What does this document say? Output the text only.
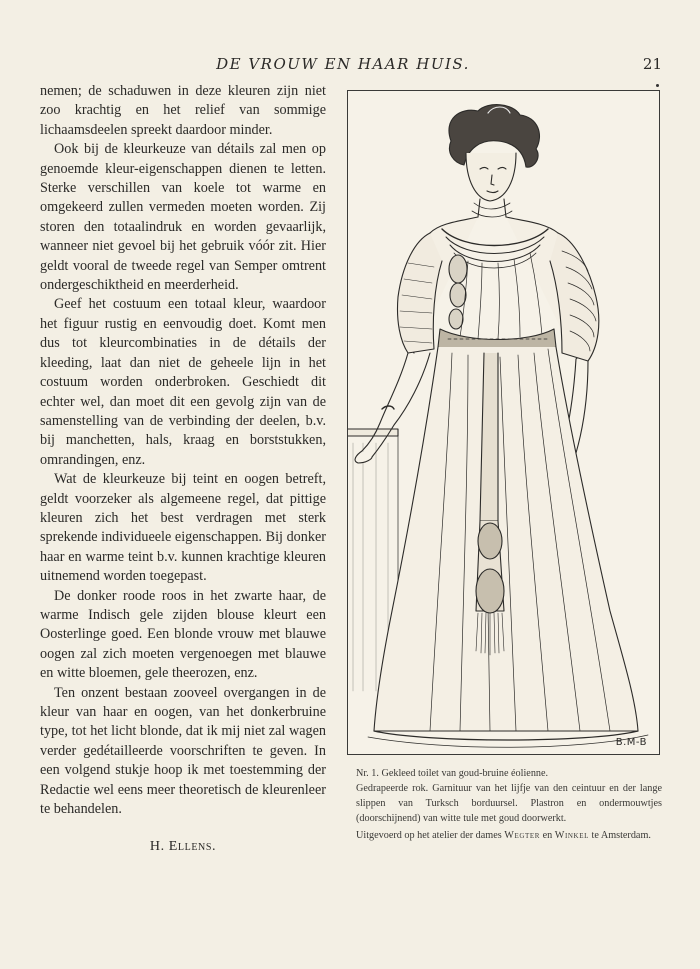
DE VROUW EN HAAR HUIS.	21

nemen; de schaduwen in deze kleuren zijn niet zoo krachtig en het relief van sommige lichaamsdeelen spreekt daardoor minder.

Ook bij de kleurkeuze van détails zal men op genoemde kleur-eigenschappen dienen te letten. Sterke verschillen van koele tot warme en omgekeerd zullen vermeden moeten worden. Zij storen den totaalindruk en worden gevaarlijk, wanneer niet gevoel bij het gebruik vóór zit. Hier geldt vooral de tweede regel van Semper omtrent ondergeschiktheid en meerderheid.

Geef het costuum een totaal kleur, waardoor het figuur rustig en eenvoudig doet. Komt men dus tot kleurcombinaties in de détails der kleeding, laat dan niet de geheele lijn in het costuum worden onderbroken. Geschiedt dit echter wel, dan moet dit een gevolg zijn van de samenstelling van de verbinding der deelen, b.v. bij manchetten, hals, kraag en borststukken, omrandingen, enz.

Wat de kleurkeuze bij teint en oogen betreft, geldt voorzeker als algemeene regel, dat pittige kleuren zich het best verdragen met sterk sprekende individueele eigenschappen. Bij donker haar en warme teint b.v. kunnen krachtige kleuren uitnemend worden toegepast.

De donker roode roos in het zwarte haar, de warme Indisch gele zijden blouse kleurt een Oosterlinge goed. Een blonde vrouw met blauwe oogen zal zich moeten vergenoegen met blauwe en witte bloemen, gele theerozen, enz.

Ten onzent bestaan zooveel overgangen in de kleur van haar en oogen, van het donkerbruine type, tot het licht blonde, dat ik mij niet zal wagen verder gedétailleerde voorschriften te geven. In een volgend stukje hoop ik met toestemming der Redactie wel eens meer theoretisch de kleurenleer te behandelen.

H. Ellens.
B.M-B

Nr. 1. Gekleed toilet van goud-bruine éolienne.

Gedrapeerde rok. Garnituur van het lijfje van den ceintuur en der lange slippen van Turksch borduursel. Plastron en ondermouwtjes (doorschijnend) van witte tule met goud doorwerkt.

Uitgevoerd op het atelier der dames Wegter en Winkel te Amsterdam.
